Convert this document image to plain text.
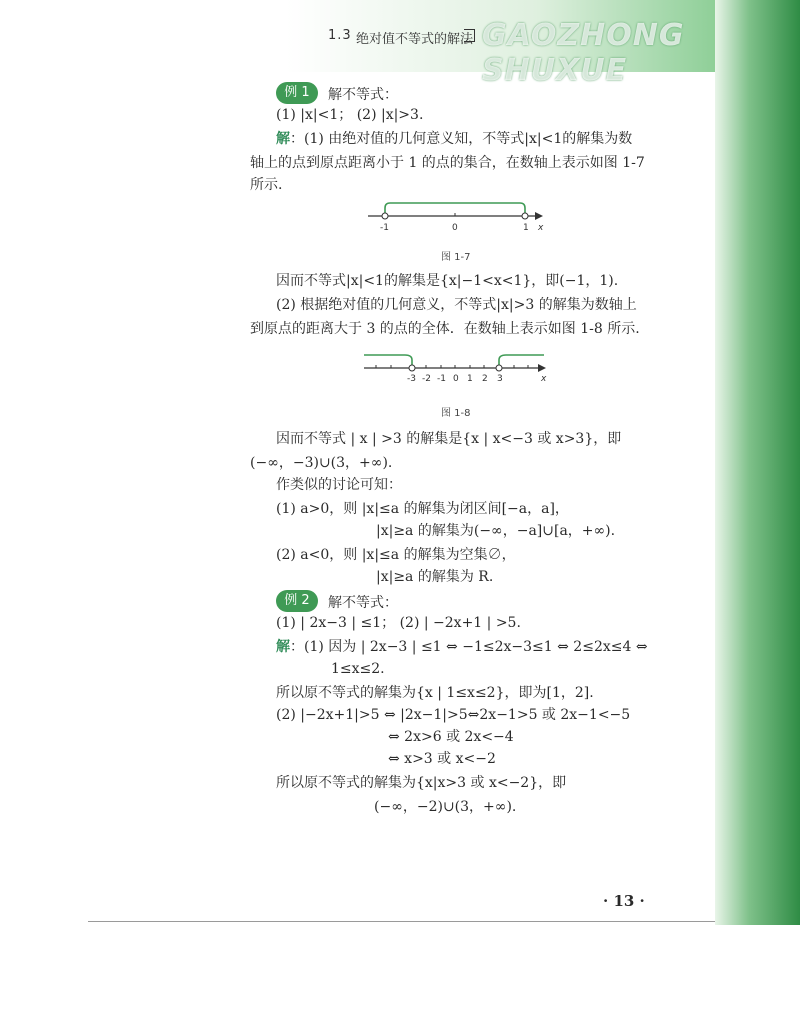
1.3 绝对值不等式的解法 GAOZHONG SHUXUE
例 1	解不等式：
(1) |x|<1； (2) |x|>3.
解：(1) 由绝对值的几何意义知，不等式|x|<1的解集为数
轴上的点到原点距离小于 1 的点的集合，在数轴上表示如图 1-7
所示.
-1	0	1 x
图 1-7
因而不等式|x|<1的解集是{x|−1<x<1}，即(−1，1).
(2) 根据绝对值的几何意义，不等式|x|>3 的解集为数轴上
到原点的距离大于 3 的点的全体．在数轴上表示如图 1-8 所示.
-3 -2 -1 0 1 2 3	x
图 1-8
因而不等式 | x | >3 的解集是{x | x<−3 或 x>3}，即
(−∞，−3)∪(3，+∞).
作类似的讨论可知：
(1) a>0，则 |x|≤a 的解集为闭区间[−a，a]，
|x|≥a 的解集为(−∞，−a]∪[a，+∞).
(2) a<0，则 |x|≤a 的解集为空集∅，
|x|≥a 的解集为 R.
例 2	解不等式：
(1) | 2x−3 | ≤1； (2) | −2x+1 | >5.
解：(1) 因为 | 2x−3 | ≤1 ⇔ −1≤2x−3≤1 ⇔ 2≤2x≤4 ⇔
1≤x≤2.
所以原不等式的解集为{x | 1≤x≤2}，即为[1，2].
(2) |−2x+1|>5 ⇔ |2x−1|>5⇔2x−1>5 或 2x−1<−5
⇔ 2x>6 或 2x<−4
⇔ x>3 或 x<−2
所以原不等式的解集为{x|x>3 或 x<−2}，即
(−∞，−2)∪(3，+∞).
· 13 ·
